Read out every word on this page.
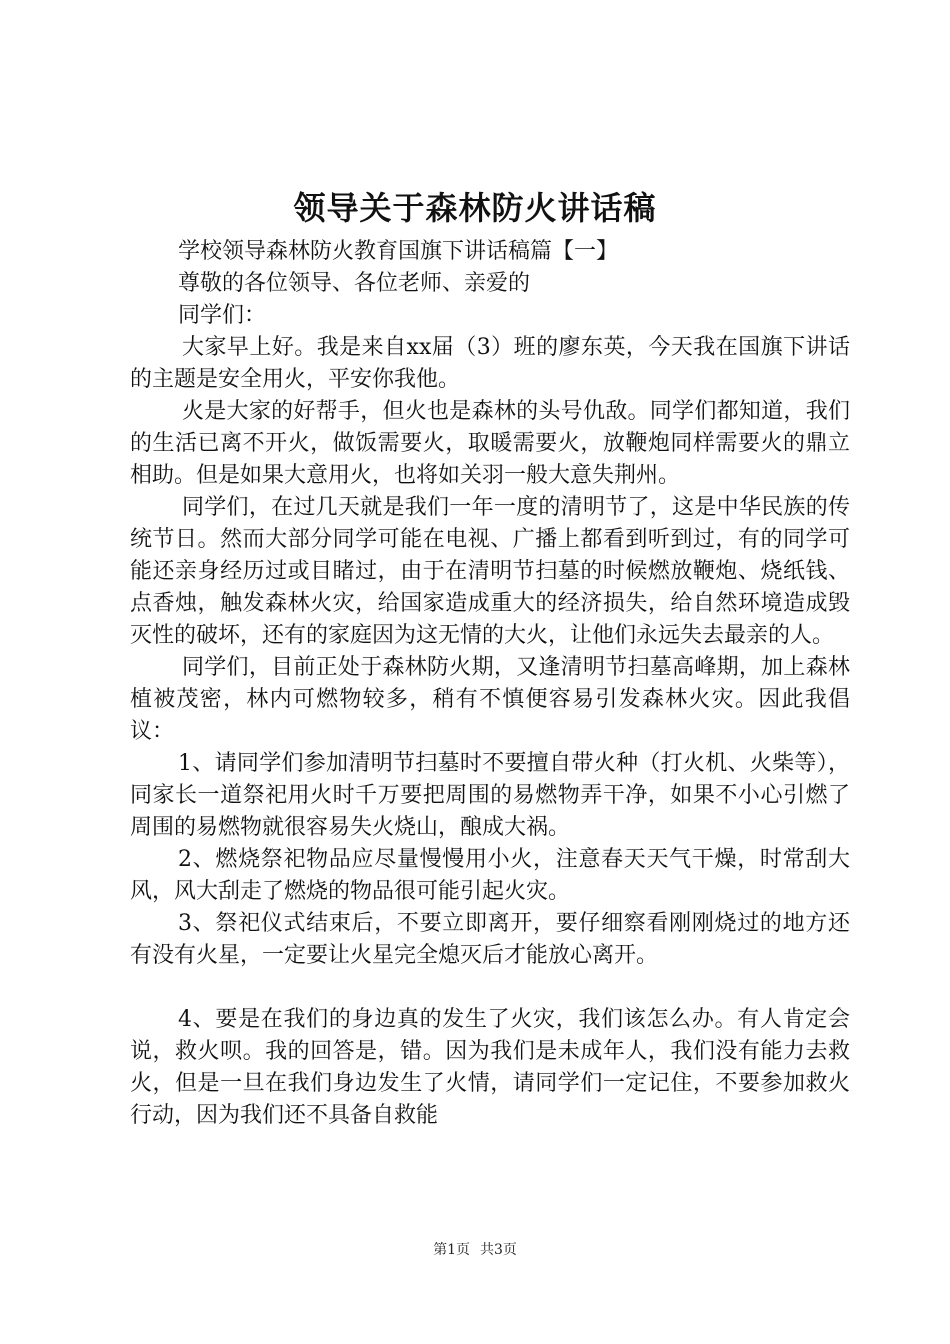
领导关于森林防火讲话稿

学校领导森林防火教育国旗下讲话稿篇【一】

尊敬的各位领导、各位老师、亲爱的

同学们：

大家早上好。我是来自xx届（3）班的廖东英，今天我在国旗下讲话的主题是安全用火，平安你我他。

火是大家的好帮手，但火也是森林的头号仇敌。同学们都知道，我们的生活已离不开火，做饭需要火，取暖需要火，放鞭炮同样需要火的鼎立相助。但是如果大意用火，也将如关羽一般大意失荆州。

同学们，在过几天就是我们一年一度的清明节了，这是中华民族的传统节日。然而大部分同学可能在电视、广播上都看到听到过，有的同学可能还亲身经历过或目睹过，由于在清明节扫墓的时候燃放鞭炮、烧纸钱、点香烛，触发森林火灾，给国家造成重大的经济损失，给自然环境造成毁灭性的破坏，还有的家庭因为这无情的大火，让他们永远失去最亲的人。

同学们，目前正处于森林防火期，又逢清明节扫墓高峰期，加上森林植被茂密，林内可燃物较多，稍有不慎便容易引发森林火灾。因此我倡议：

1、请同学们参加清明节扫墓时不要擅自带火种（打火机、火柴等），同家长一道祭祀用火时千万要把周围的易燃物弄干净，如果不小心引燃了周围的易燃物就很容易失火烧山，酿成大祸。

2、燃烧祭祀物品应尽量慢慢用小火，注意春天天气干燥，时常刮大风，风大刮走了燃烧的物品很可能引起火灾。

3、祭祀仪式结束后，不要立即离开，要仔细察看刚刚烧过的地方还有没有火星，一定要让火星完全熄灭后才能放心离开。

4、要是在我们的身边真的发生了火灾，我们该怎么办。有人肯定会说，救火呗。我的回答是，错。因为我们是未成年人，我们没有能力去救火，但是一旦在我们身边发生了火情，请同学们一定记住，不要参加救火行动，因为我们还不具备自救能

第1页 共3页
